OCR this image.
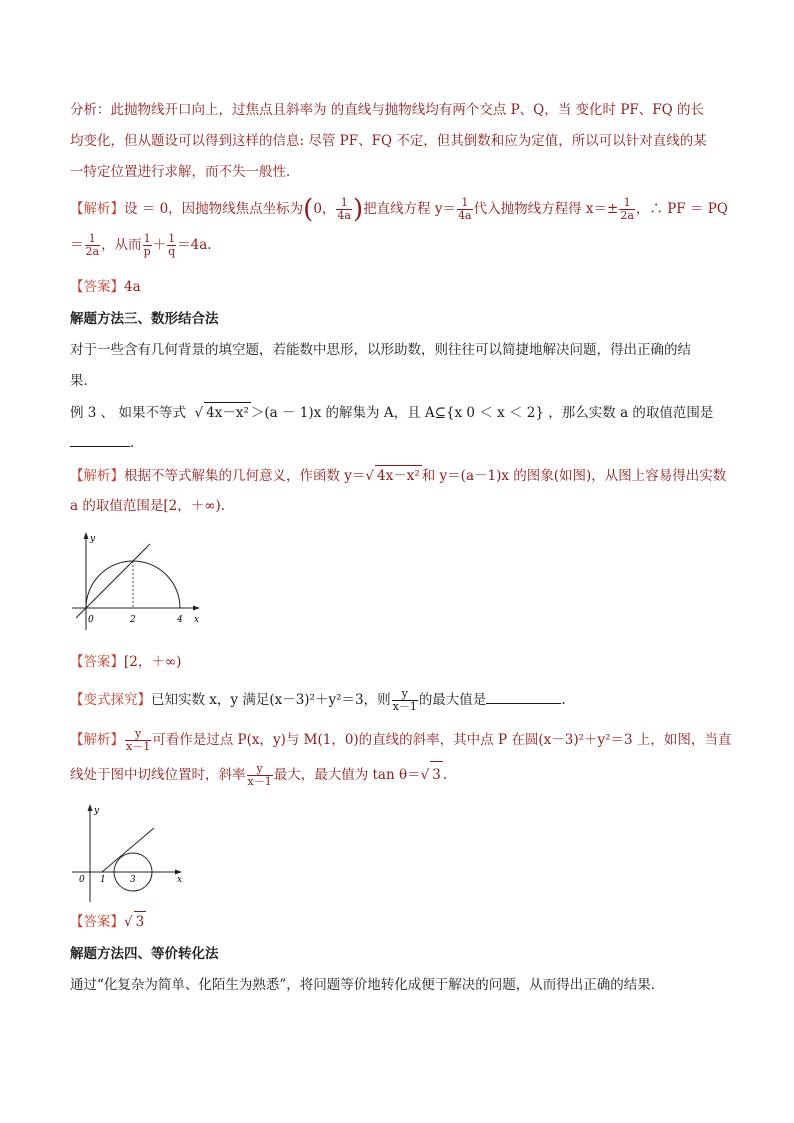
分析：此抛物线开口向上，过焦点且斜率为 的直线与抛物线均有两个交点 P、Q，当 变化时 PF、FQ 的长
均变化，但从题设可以得到这样的信息: 尽管 PF、FQ 不定，但其倒数和应为定值，所以可以针对直线的某
一特定位置进行求解，而不失一般性．
【解析】设 ＝ 0，因抛物线焦点坐标为(0， $\frac{1}{4a}$ )把直线方程 $y= \frac{1}{4a}$ 代入抛物线方程得 $x=\pm \frac{1}{2a}$ ，∴ PF ＝ PQ
＝ $\frac{1}{2a}$ ，从而 $\frac{1}{p} + \frac{1}{q} =4a$.
【答案】4a
解题方法三、数形结合法
对于一些含有几何背景的填空题，若能数中思形，以形助数，则往往可以简捷地解决问题，得出正确的结
果．
例 3 、 如果不等式  √ 4x－x² ＞(a － 1)x 的解集为 A，且 A⊆{x 0 ＜ x ＜ 2} ，那么实数 a 的取值范围是
．
【解析】根据不等式解集的几何意义，作函数 y＝√ 4x－x² 和 y＝(a－1)x 的图象(如图)，从图上容易得出实数
a 的取值范围是[2，＋∞).
y
0	2	4 x
【答案】[2，＋∞)
【变式探究】已知实数 x，y 满足(x－3)²＋y²＝3，则 $\frac{y}{x-1}$ 的最大值是	.
【解析】 $\frac{y}{x-1}$ 可看作是过点 P(x，y)与 M(1，0)的直线的斜率，其中点 P 在圆(x－3)²＋y²＝3 上，如图，当直
线处于图中切线位置时，斜率 $\frac{y}{x-1}$ 最大，最大值为 tan θ＝√ 3 .
y
0 1	3	x
【答案】√ 3
解题方法四、等价转化法
通过“化复杂为简单、化陌生为熟悉”，将问题等价地转化成便于解决的问题，从而得出正确的结果．
